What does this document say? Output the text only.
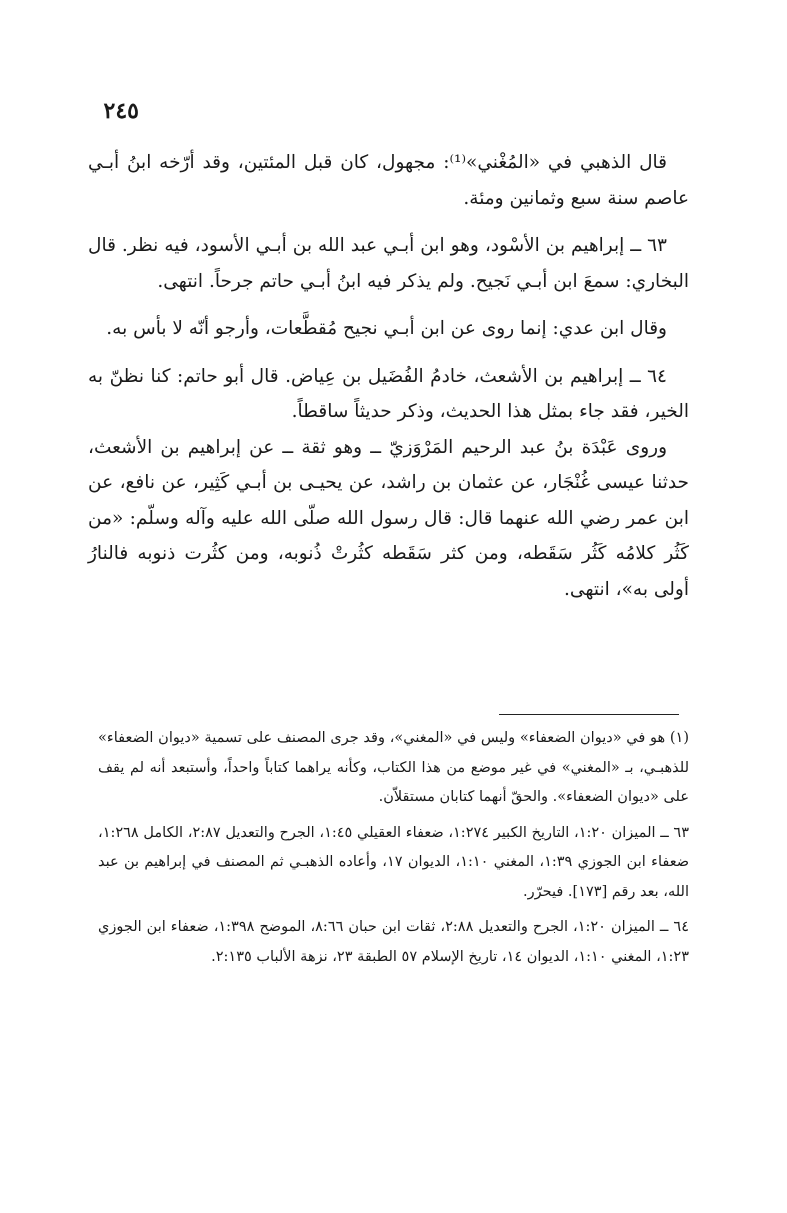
٢٤٥

قال الذهبي في «المُغْني»⁽¹⁾: مجهول، كان قبل المئتين، وقد أرّخه ابنُ أبـي عاصم سنة سبع وثمانين ومئة.

٦٣ ــ إبراهيم بن الأسْود، وهو ابن أبـي عبد الله بن أبـي الأسود، فيه نظر. قال البخاري: سمعَ ابن أبـي نَجيح. ولم يذكر فيه ابنُ أبـي حاتم جرحاً. انتهى.

وقال ابن عدي: إنما روى عن ابن أبـي نجيح مُقطَّعات، وأرجو أنّه لا بأس به.

٦٤ ــ إبراهيم بن الأشعث، خادمُ الفُضَيل بن عِياض. قال أبو حاتم: كنا نظنّ به الخير، فقد جاء بمثل هذا الحديث، وذكر حديثاً ساقطاً.

وروى عَبْدَة بنُ عبد الرحيم المَرْوَزيّ ــ وهو ثقة ــ عن إبراهيم بن الأشعث، حدثنا عيسى غُنْجَار، عن عثمان بن راشد، عن يحيـى بن أبـي كَثِير، عن نافع، عن ابن عمر رضي الله عنهما قال: قال رسول الله صلّى الله عليه وآله وسلّم: «من كَثُر كلامُه كَثُر سَقَطه، ومن كثر سَقَطه كثُرتْ ذُنوبه، ومن كثُرت ذنوبه فالنارُ أولى به»، انتهى.

(١) هو في «ديوان الضعفاء» وليس في «المغني»، وقد جرى المصنف على تسمية «ديوان الضعفاء» للذهبـي، بـ «المغني» في غير موضع من هذا الكتاب، وكأنه يراهما كتاباً واحداً، وأستبعد أنه لم يقف على «ديوان الضعفاء». والحقّ أنهما كتابان مستقلاّن.

٦٣ ــ الميزان ١:٢٠، التاريخ الكبير ١:٢٧٤، ضعفاء العقيلي ١:٤٥، الجرح والتعديل ٢:٨٧، الكامل ١:٢٦٨، ضعفاء ابن الجوزي ١:٣٩، المغني ١:١٠، الديوان ١٧، وأعاده الذهبـي ثم المصنف في إبراهيم بن عبد الله، بعد رقم [١٧٣]. فيحرّر.

٦٤ ــ الميزان ١:٢٠، الجرح والتعديل ٢:٨٨، ثقات ابن حبان ٨:٦٦، الموضح ١:٣٩٨، ضعفاء ابن الجوزي ١:٢٣، المغني ١:١٠، الديوان ١٤، تاريخ الإسلام ٥٧ الطبقة ٢٣، نزهة الألباب ٢:١٣٥.
